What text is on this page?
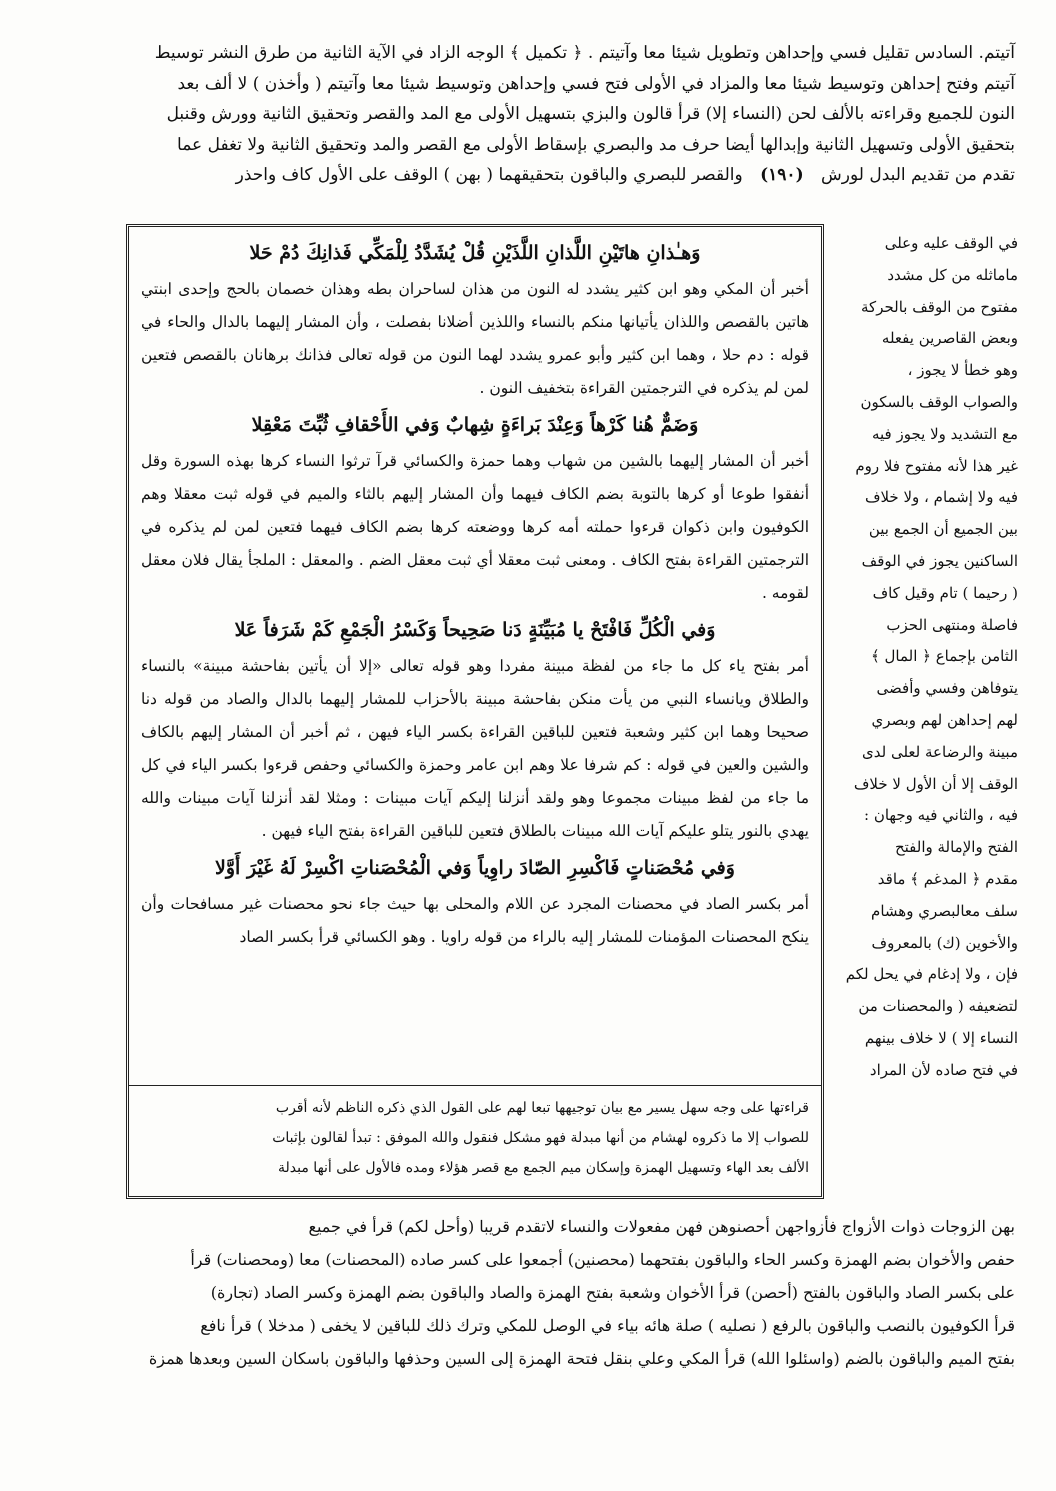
آتيتم. السادس تقليل فسي وإحداهن وتطويل شيئا معا وآتيتم . ﴿ تكميل ﴾ الوجه الزاد في الآية الثانية من طرق النشر توسيط

آتيتم وفتح إحداهن وتوسيط شيئا معا والمزاد في الأولى فتح فسي وإحداهن وتوسيط شيئا معا وآتيتم ( وأخذن ) لا ألف بعد

النون للجميع وقراءته بالألف لحن (النساء إلا) قرأ قالون والبزي بتسهيل الأولى مع المد والقصر وتحقيق الثانية وورش وقنبل

بتحقيق الأولى وتسهيل الثانية وإبدالها أيضا حرف مد والبصري بإسقاط الأولى مع القصر والمد وتحقيق الثانية ولا تغفل عما

تقدم من تقديم البدل لورش (١٩٠) والقصر للبصري والباقون بتحقيقهما ( بهن ) الوقف على الأول كاف واحذر

وَهـٰذانِ هاتَيْنِ اللَّذانِ اللَّذَيْنِ قُلْ يُشَدَّدُ لِلْمَكِّي فَذانِكَ دُمْ حَلا

أخبر أن المكي وهو ابن كثير يشدد له النون من هذان لساحران بطه وهذان خصمان بالحج وإحدى ابنتي هاتين بالقصص واللذان يأتيانها منكم بالنساء واللذين أضلانا بفصلت ، وأن المشار إليهما بالدال والحاء في قوله : دم حلا ، وهما ابن كثير وأبو عمرو يشدد لهما النون من قوله تعالى فذانك برهانان بالقصص فتعين لمن لم يذكره في الترجمتين القراءة بتخفيف النون .

وَضَمٌّ هُنا كَرْهاً وَعِنْدَ بَراءَةٍ شِهابٌ وَفي الأَحْقافِ ثُبِّتَ مَعْقِلا

أخبر أن المشار إليهما بالشين من شهاب وهما حمزة والكسائي قرآ ترثوا النساء كرها بهذه السورة وقل أنفقوا طوعا أو كرها بالتوبة بضم الكاف فيهما وأن المشار إليهم بالثاء والميم في قوله ثبت معقلا وهم الكوفيون وابن ذكوان قرءوا حملته أمه كرها ووضعته كرها بضم الكاف فيهما فتعين لمن لم يذكره في الترجمتين القراءة بفتح الكاف . ومعنى ثبت معقلا أي ثبت معقل الضم . والمعقل : الملجأ يقال فلان معقل لقومه .

وَفي الْكُلِّ فَافْتَحْ يا مُبَيِّنَةٍ دَنا صَحِيحاً وَكَسْرُ الْجَمْعِ كَمْ شَرَفاً عَلا

أمر بفتح ياء كل ما جاء من لفظة مبينة مفردا وهو قوله تعالى «إلا أن يأتين بفاحشة مبينة» بالنساء والطلاق ويانساء النبي من يأت منكن بفاحشة مبينة بالأحزاب للمشار إليهما بالدال والصاد من قوله دنا صحيحا وهما ابن كثير وشعبة فتعين للباقين القراءة بكسر الياء فيهن ، ثم أخبر أن المشار إليهم بالكاف والشين والعين في قوله : كم شرفا علا وهم ابن عامر وحمزة والكسائي وحفص قرءوا بكسر الياء في كل ما جاء من لفظ مبينات مجموعا وهو ولقد أنزلنا إليكم آيات مبينات : ومثلا لقد أنزلنا آيات مبينات والله يهدي بالنور يتلو عليكم آيات الله مبينات بالطلاق فتعين للباقين القراءة بفتح الياء فيهن .

وَفي مُحْصَناتٍ فَاكْسِرِ الصّادَ راوِياً وَفي الْمُحْصَناتِ اكْسِرْ لَهُ غَيْرَ أَوَّلا

أمر بكسر الصاد في محصنات المجرد عن اللام والمحلى بها حيث جاء نحو محصنات غير مسافحات وأن ينكح المحصنات المؤمنات للمشار إليه بالراء من قوله راويا . وهو الكسائي قرأ بكسر الصاد

قراءتها على وجه سهل يسير مع بيان توجيهها تبعا لهم على القول الذي ذكره الناظم لأنه أقرب

للصواب إلا ما ذكروه لهشام من أنها مبدلة فهو مشكل فنقول والله الموفق : تبدأ لقالون بإثبات

الألف بعد الهاء وتسهيل الهمزة وإسكان ميم الجمع مع قصر هؤلاء ومده فالأول على أنها مبدلة

في الوقف عليه وعلى

ماماثله من كل مشدد

مفتوح من الوقف بالحركة

وبعض القاصرين يفعله

وهو خطأ لا يجوز ،

والصواب الوقف بالسكون

مع التشديد ولا يجوز فيه

غير هذا لأنه مفتوح فلا روم

فيه ولا إشمام ، ولا خلاف

بين الجميع أن الجمع بين

الساكنين يجوز في الوقف

( رحيما ) تام وقيل كاف

فاصلة ومنتهى الحزب

الثامن بإجماع ﴿ المال ﴾

يتوفاهن وفسي وأفضى

لهم إحداهن لهم وبصري

مبينة والرضاعة لعلى لدى

الوقف إلا أن الأول لا خلاف

فيه ، والثاني فيه وجهان :

الفتح والإمالة والفتح

مقدم ﴿ المدغم ﴾ ماقد

سلف معالبصري وهشام

والأخوين (ك) بالمعروف

فإن ، ولا إدغام في يحل لكم

لتضعيفه ( والمحصنات من

النساء إلا ) لا خلاف بينهم

في فتح صاده لأن المراد

بهن الزوجات ذوات الأزواج فأزواجهن أحصنوهن فهن مفعولات والنساء لاتقدم قريبا (وأحل لكم) قرأ في جميع

حفص والأخوان بضم الهمزة وكسر الحاء والباقون بفتحهما (محصنين) أجمعوا على كسر صاده (المحصنات) معا (ومحصنات) قرأ

على بكسر الصاد والباقون بالفتح (أحصن) قرأ الأخوان وشعبة بفتح الهمزة والصاد والباقون بضم الهمزة وكسر الصاد (تجارة)

قرأ الكوفيون بالنصب والباقون بالرفع ( نصليه ) صلة هائه بياء في الوصل للمكي وترك ذلك للباقين لا يخفى ( مدخلا ) قرأ نافع

بفتح الميم والباقون بالضم (واسئلوا الله) قرأ المكي وعلي بنقل فتحة الهمزة إلى السين وحذفها والباقون باسكان السين وبعدها همزة
